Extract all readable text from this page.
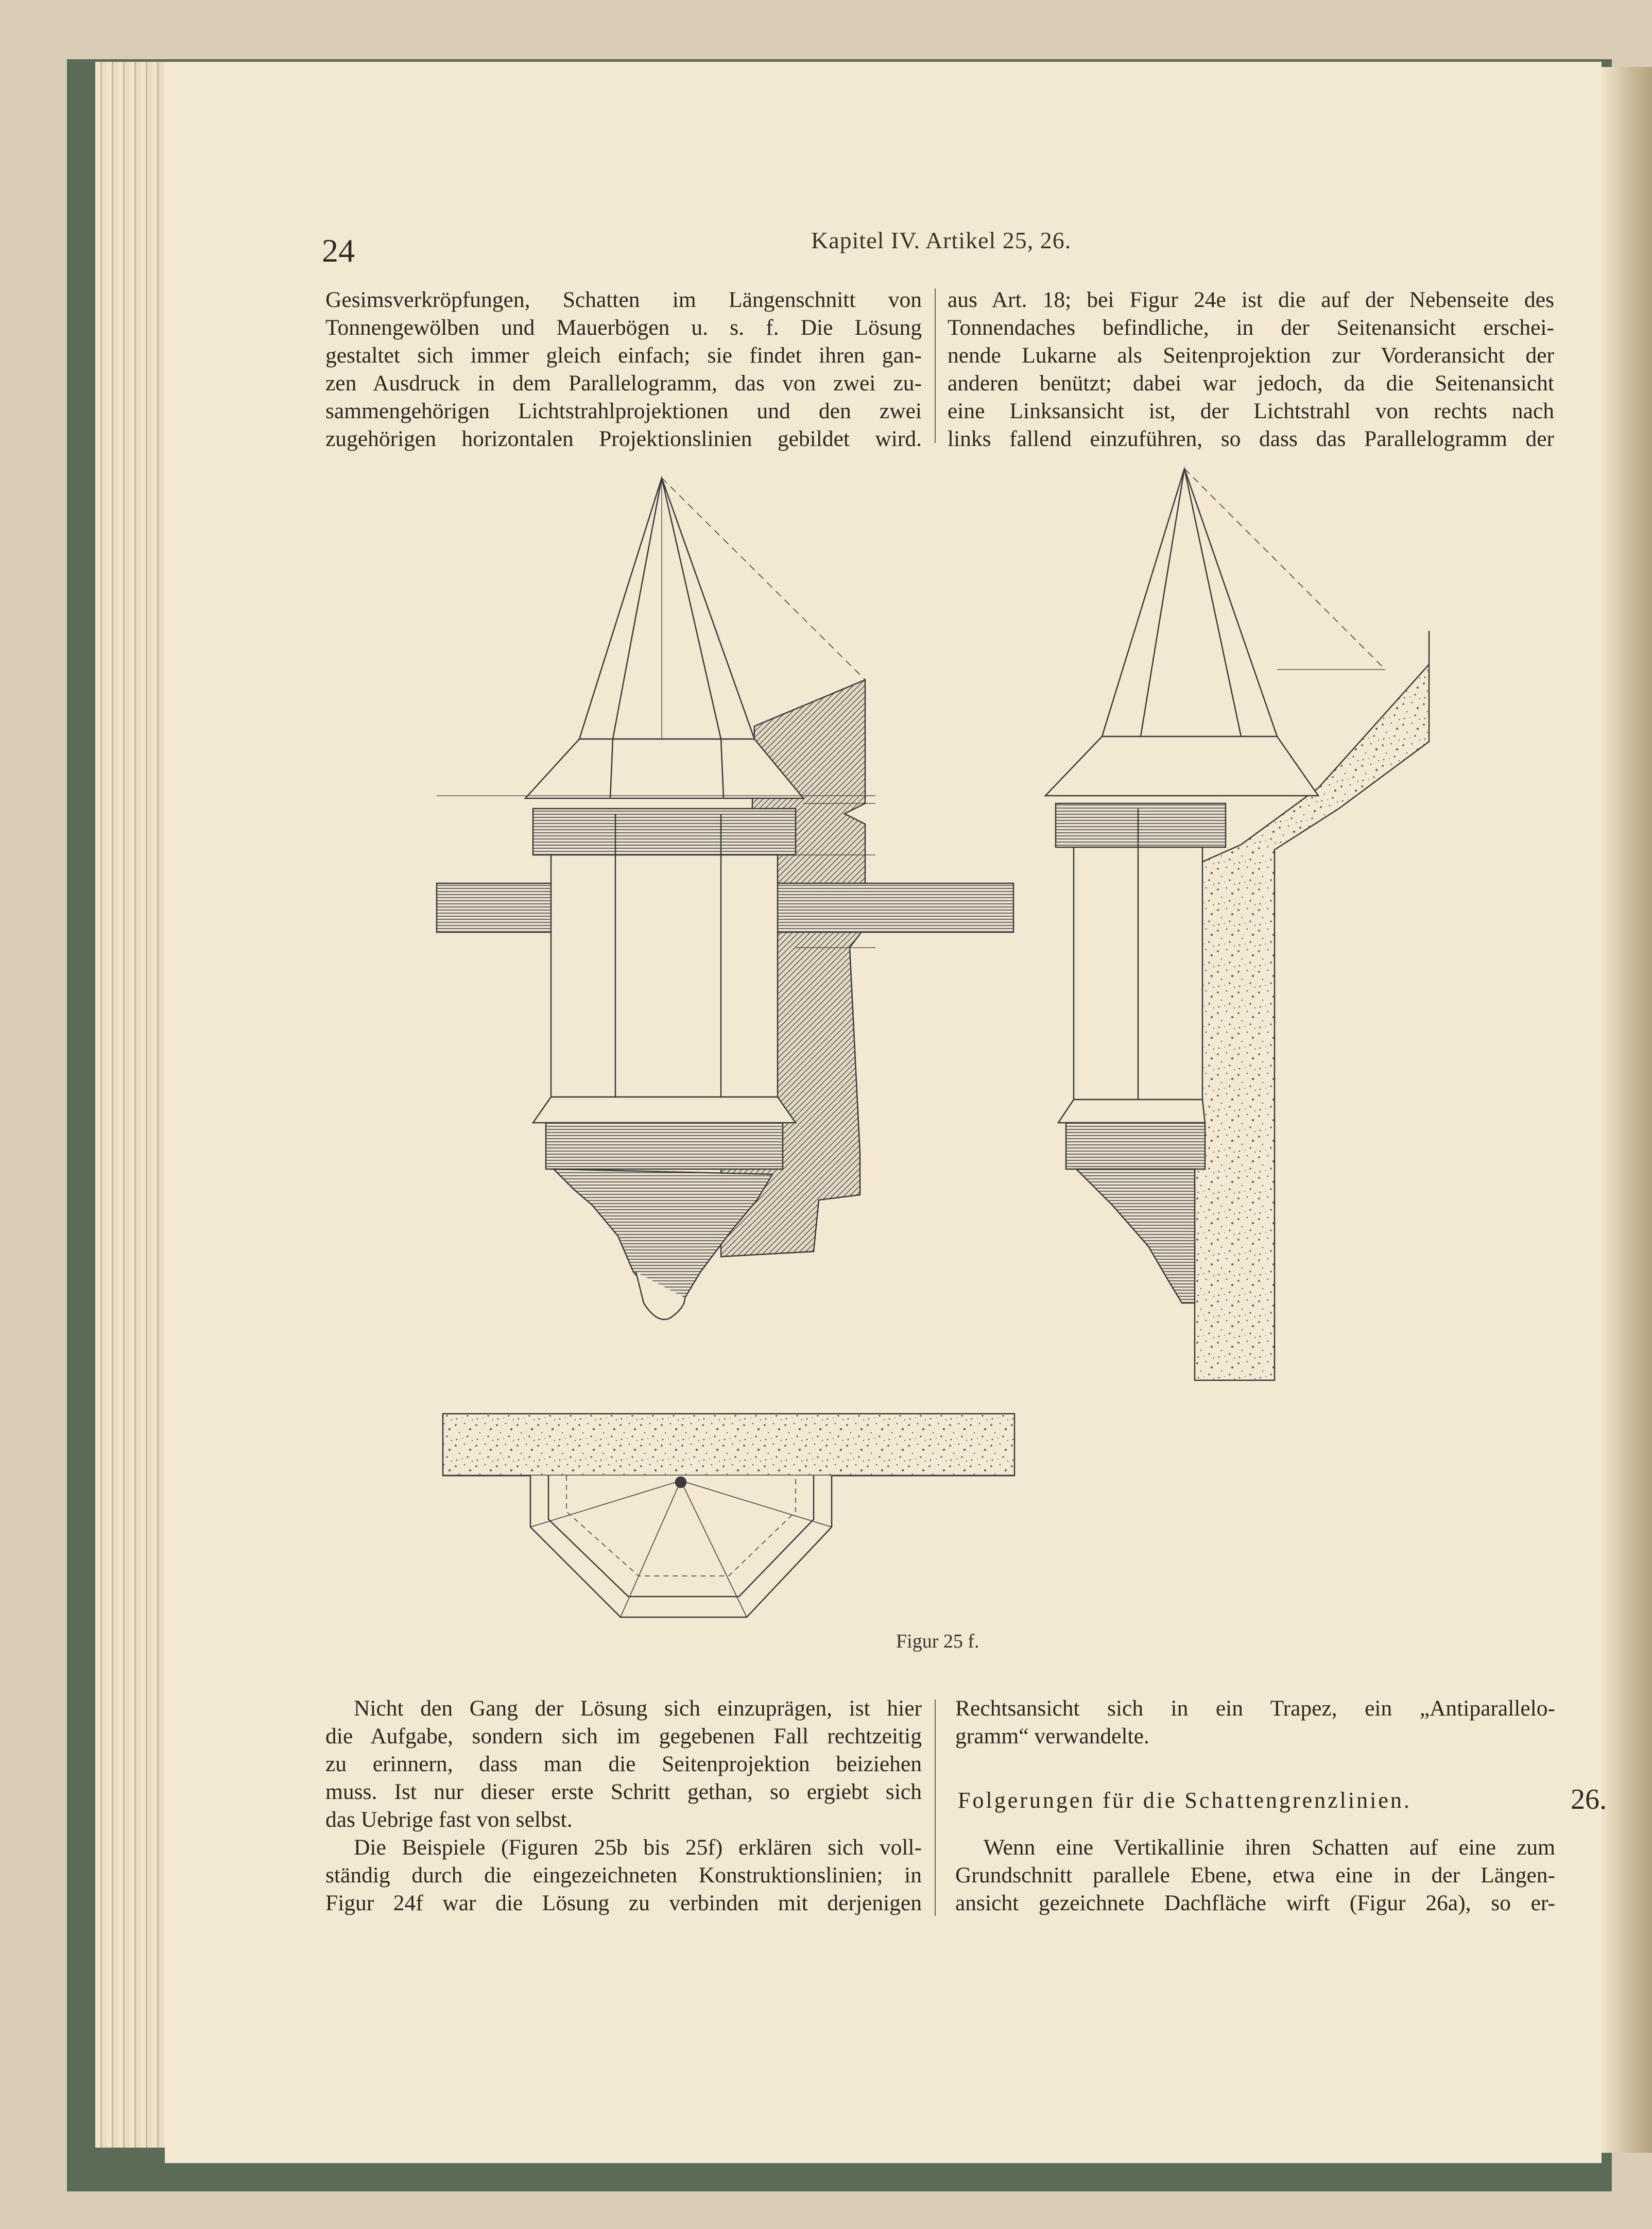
24	Kapitel IV. Artikel 25, 26.

Gesimsverkröpfungen, Schatten im Längenschnitt von

Tonnengewölben und Mauerbögen u. s. f. Die Lösung

gestaltet sich immer gleich einfach; sie findet ihren gan-

zen Ausdruck in dem Parallelogramm, das von zwei zu-

sammengehörigen Lichtstrahlprojektionen und den zwei

zugehörigen horizontalen Projektionslinien gebildet wird.

aus Art. 18; bei Figur 24e ist die auf der Nebenseite des

Tonnendaches befindliche, in der Seitenansicht erschei-

nende Lukarne als Seitenprojektion zur Vorderansicht der

anderen benützt; dabei war jedoch, da die Seitenansicht

eine Linksansicht ist, der Lichtstrahl von rechts nach

links fallend einzuführen, so dass das Parallelogramm der

Figur 25 f.

Nicht den Gang der Lösung sich einzuprägen, ist hier

die Aufgabe, sondern sich im gegebenen Fall rechtzeitig

zu erinnern, dass man die Seitenprojektion beiziehen

muss. Ist nur dieser erste Schritt gethan, so ergiebt sich

das Uebrige fast von selbst.

Die Beispiele (Figuren 25b bis 25f) erklären sich voll-

ständig durch die eingezeichneten Konstruktionslinien; in

Figur 24f war die Lösung zu verbinden mit derjenigen

Rechtsansicht sich in ein Trapez, ein „Antiparallelo-

gramm“ verwandelte.

Folgerungen für die Schattengrenzlinien.	26.

Wenn eine Vertikallinie ihren Schatten auf eine zum

Grundschnitt parallele Ebene, etwa eine in der Längen-

ansicht gezeichnete Dachfläche wirft (Figur 26a), so er-
